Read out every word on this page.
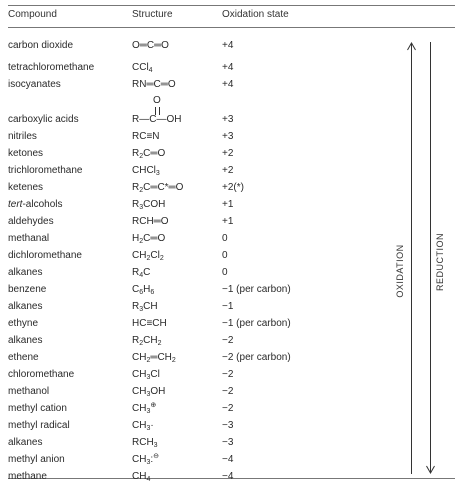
Compound	Structure	Oxidation state
carbon dioxide	O═C═O	+4
tetrachloromethane	CCl$_4$	+4
isocyanates	RN═C═O	+4
carboxylic acids	R—C—OH	+3
O
nitriles	RC≡N	+3
ketones	$R_2C═O$	+2
trichloromethane	CHCl$_3$	+2
ketenes	$R_2C═C*═O$	+2(*)
tert-alcohols	$R_3COH$	+1
aldehydes	RCH═O	+1
methanal	$H_2C═O$	0
dichloromethane	$CH_2Cl_2$	0
alkanes	$R_4C$	0
benzene	$C_6H_6$	−1 (per carbon)
alkanes	$R_3CH$	−1
ethyne	HC≡CH	−1 (per carbon)
alkanes	$R_2CH_2$	−2
ethene	$CH_2═CH_2$	−2 (per carbon)
chloromethane	$CH_3Cl$	−2
methanol	$CH_3OH$	−2
methyl cation	$CH_3^\oplus$	−2
methyl radical	$CH_3\cdot$	−3
alkanes	$RCH_3$	−3
methyl anion	$CH_3:^⊖$	−4
methane	$CH_4$	−4
OXIDATION	REDUCTION
